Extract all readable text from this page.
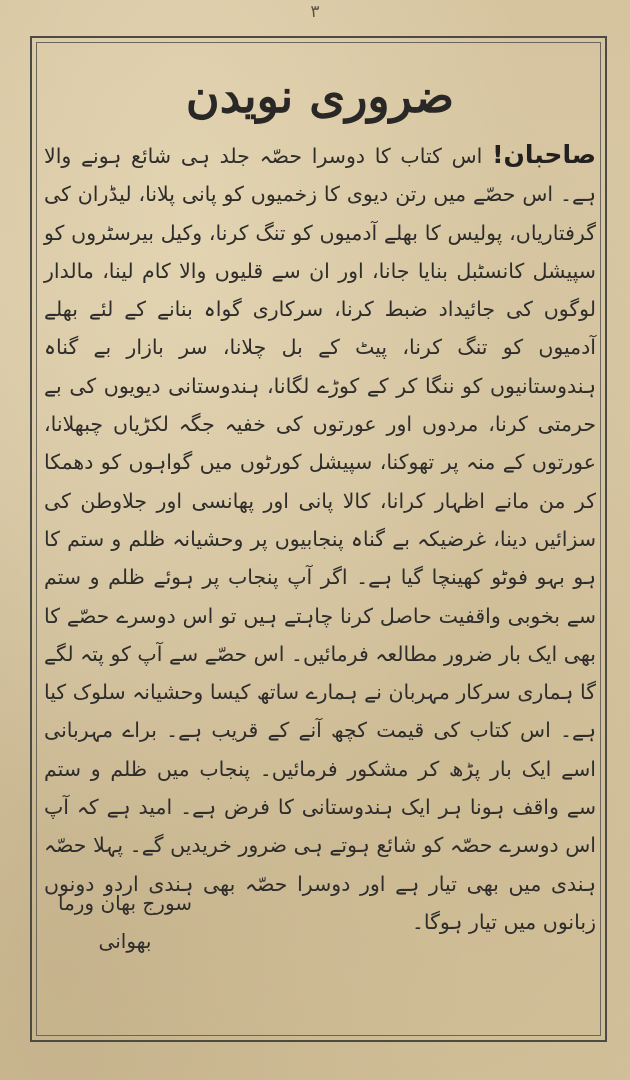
۳
ضروری نویدن
صاحبان! اس کتاب کا دوسرا حصّہ جلد ہی شائع ہونے والا ہے۔ اس حصّے میں رتن دیوی کا زخمیوں کو پانی پلانا، لیڈران کی گرفتاریاں، پولیس کا بھلے آدمیوں کو تنگ کرنا، وکیل بیرسٹروں کو سپیشل کانسٹبل بنایا جانا، اور ان سے قلیوں والا کام لینا، مالدار لوگوں کی جائیداد ضبط کرنا، سرکاری گواہ بنانے کے لئے بھلے آدمیوں کو تنگ کرنا، پیٹ کے بل چلانا، سر بازار بے گناہ ہندوستانیوں کو ننگا کر کے کوڑے لگانا، ہندوستانی دیویوں کی بے حرمتی کرنا، مردوں اور عورتوں کی خفیہ جگہ لکڑیاں چبھلانا، عورتوں کے منہ پر تھوکنا، سپیشل کورٹوں میں گواہوں کو دھمکا کر من مانے اظہار کرانا، کالا پانی اور پھانسی اور جلاوطن کی سزائیں دینا، غرضیکہ بے گناہ پنجابیوں پر وحشیانہ ظلم و ستم کا ہو بہو فوٹو کھینچا گیا ہے۔ اگر آپ پنجاب پر ہوئے ظلم و ستم سے بخوبی واقفیت حاصل کرنا چاہتے ہیں تو اس دوسرے حصّے کا بھی ایک بار ضرور مطالعہ فرمائیں۔ اس حصّے سے آپ کو پتہ لگے گا ہماری سرکار مہربان نے ہمارے ساتھ کیسا وحشیانہ سلوک کیا ہے۔ اس کتاب کی قیمت کچھ آنے کے قریب ہے۔ براے مہربانی اسے ایک بار پڑھ کر مشکور فرمائیں۔ پنجاب میں ظلم و ستم سے واقف ہونا ہر ایک ہندوستانی کا فرض ہے۔ امید ہے کہ آپ اس دوسرے حصّہ کو شائع ہوتے ہی ضرور خریدیں گے۔ پہلا حصّہ ہندی میں بھی تیار ہے اور دوسرا حصّہ بھی ہندی اردو دونوں زبانوں میں تیار ہوگا۔
سورج بھان ورما
بھوانی
